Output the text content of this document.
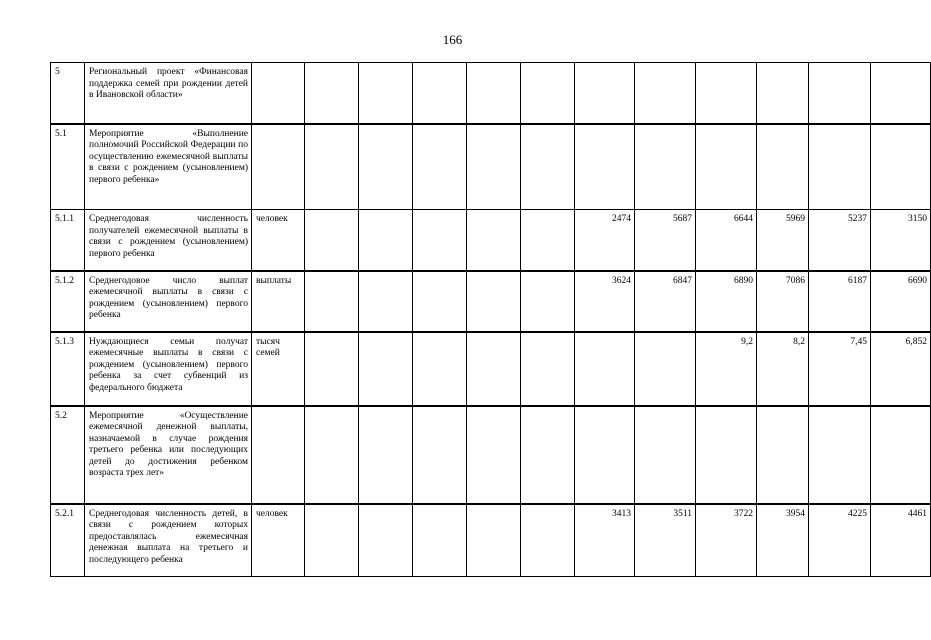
166
5	Региональный проект «Финансовая поддержка семей при рождении детей в Ивановской области»												
5.1	Мероприятие «Выполнение полномочий Российской Федерации по осуществлению ежемесячной выплаты в связи с рождением (усыновлением) первого ребенка»												
5.1.1	Среднегодовая численность получателей ежемесячной выплаты в связи с рождением (усыновлением) первого ребенка	человек						2474	5687	6644	5969	5237	3150
5.1.2	Среднегодовое число выплат ежемесячной выплаты в связи с рождением (усыновлением) первого ребенка	выплаты						3624	6847	6890	7086	6187	6690
5.1.3	Нуждающиеся семьи получат ежемесячные выплаты в связи с рождением (усыновлением) первого ребенка за счет субвенций из федерального бюджета	тысяч семей								9,2	8,2	7,45	6,852
5.2	Мероприятие «Осуществление ежемесячной денежной выплаты, назначаемой в случае рождения третьего ребенка или последующих детей до достижения ребенком возраста трех лет»												
5.2.1	Среднегодовая численность детей, в связи с рождением которых предоставлялась ежемесячная денежная выплата на третьего и последующего ребенка	человек						3413	3511	3722	3954	4225	4461
